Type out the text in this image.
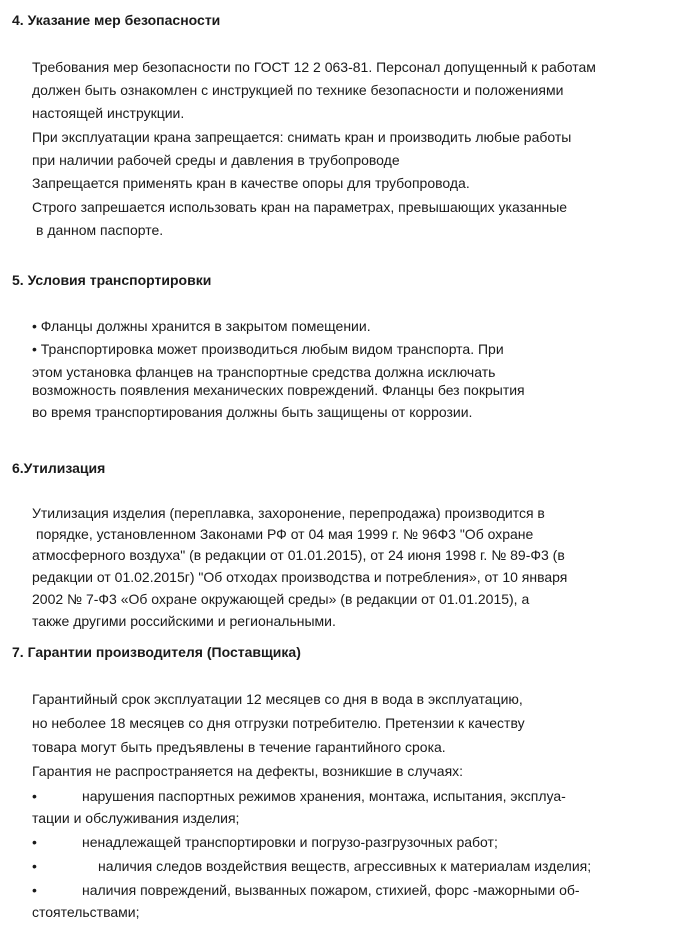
4. Указание мер безопасности
Требования мер безопасности по ГОСТ 12 2 063-81. Персонал допущенный к работам
должен быть ознакомлен с инструкцией по технике безопасности и положениями
настоящей инструкции.
При эксплуатации крана запрещается: снимать кран и производить любые работы
при наличии рабочей среды и давления в трубопроводе
Запрещается применять кран в качестве опоры для трубопровода.
Строго запрешается использовать кран на параметрах, превышающих указанные
в данном паспорте.
5. Условия транспортировки
• Фланцы должны хранится в закрытом помещении.
• Транспортировка может производиться любым видом транспорта. При
этом установка фланцев на транспортные средства должна исключать
возможность появления механических повреждений. Фланцы без покрытия
во время транспортирования должны быть защищены от коррозии.
6.Утилизация
Утилизация изделия (переплавка, захоронение, перепродажа) производится в
порядке, установленном Законами РФ от 04 мая 1999 г. № 96Ф3 "Об охране
атмосферного воздуха" (в редакции от 01.01.2015), от 24 июня 1998 г. № 89-Ф3 (в
редакции от 01.02.2015г) "Об отходах производства и потребления», от 10 января
2002 № 7-Ф3 «Об охране окружающей среды» (в редакции от 01.01.2015), а
также другими российскими и региональными.
7. Гарантии производителя (Поставщика)
Гарантийный срок эксплуатации 12 месяцев со дня в вода в эксплуатацию,
но неболее 18 месяцев со дня отгрузки потребителю. Претензии к качеству
товара могут быть предъявлены в течение гарантийного срока.
Гарантия не распространяется на дефекты, возникшие в случаях:
•	нарушения паспортных режимов хранения, монтажа, испытания, эксплуа-
тации и обслуживания изделия;
•	ненадлежащей транспортировки и погрузо-разгрузочных работ;
•	наличия следов воздействия веществ, агрессивных к материалам изделия;
•	наличия повреждений, вызванных пожаром, стихией, форс -мажорными об-
стоятельствами;
